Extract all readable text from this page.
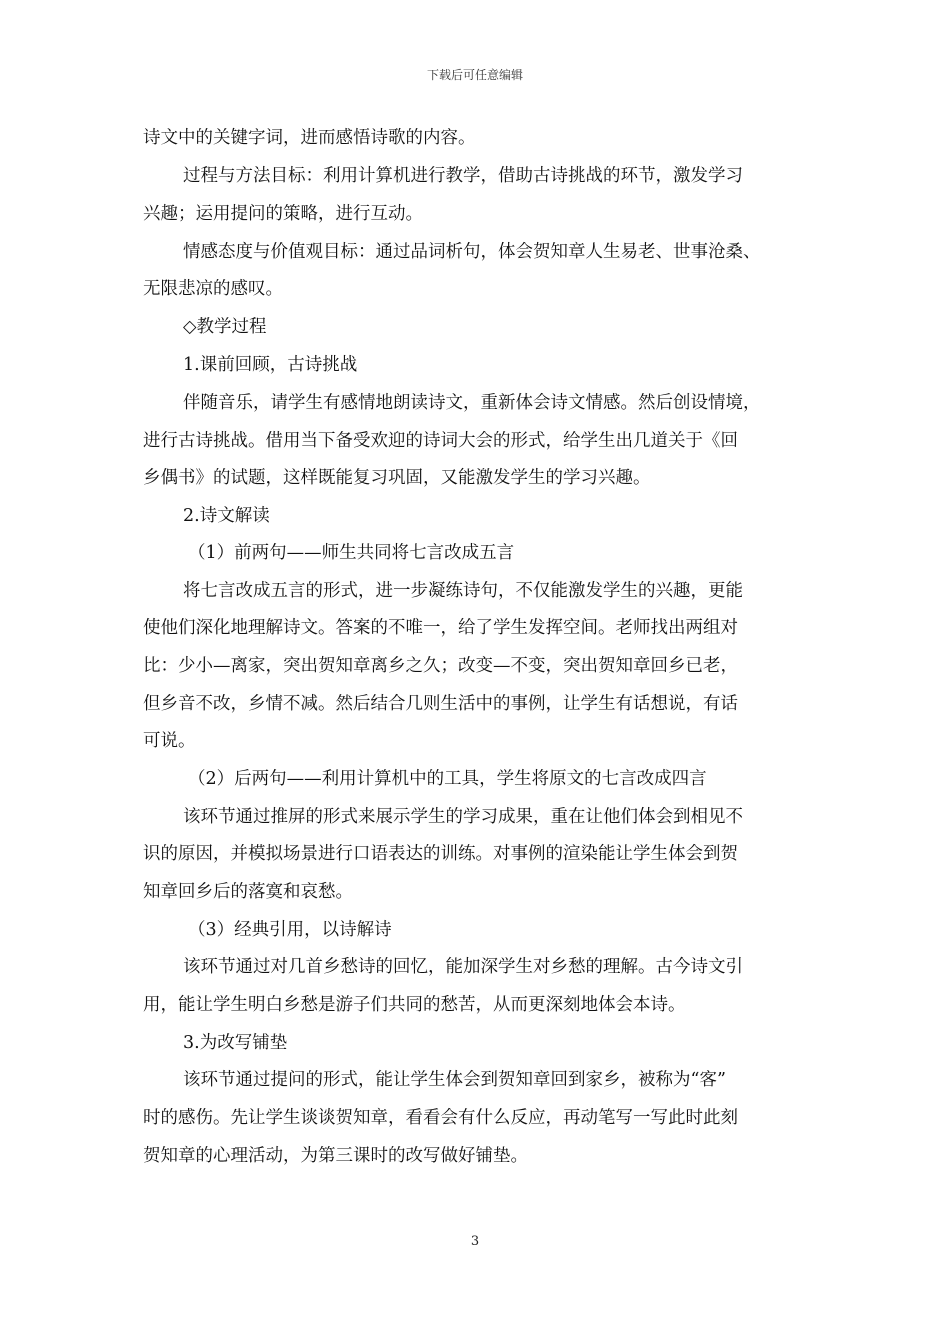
下载后可任意编辑
诗文中的关键字词，进而感悟诗歌的内容。
过程与方法目标：利用计算机进行教学，借助古诗挑战的环节，激发学习
兴趣；运用提问的策略，进行互动。
情感态度与价值观目标：通过品词析句，体会贺知章人生易老、世事沧桑、
无限悲凉的感叹。
◇教学过程
1.课前回顾，古诗挑战
伴随音乐，请学生有感情地朗读诗文，重新体会诗文情感。然后创设情境，
进行古诗挑战。借用当下备受欢迎的诗词大会的形式，给学生出几道关于《回
乡偶书》的试题，这样既能复习巩固，又能激发学生的学习兴趣。
2.诗文解读
（1）前两句——师生共同将七言改成五言
将七言改成五言的形式，进一步凝练诗句，不仅能激发学生的兴趣，更能
使他们深化地理解诗文。答案的不唯一，给了学生发挥空间。老师找出两组对
比：少小—离家，突出贺知章离乡之久；改变—不变，突出贺知章回乡已老，
但乡音不改，乡情不减。然后结合几则生活中的事例，让学生有话想说，有话
可说。
（2）后两句——利用计算机中的工具，学生将原文的七言改成四言
该环节通过推屏的形式来展示学生的学习成果，重在让他们体会到相见不
识的原因，并模拟场景进行口语表达的训练。对事例的渲染能让学生体会到贺
知章回乡后的落寞和哀愁。
（3）经典引用，以诗解诗
该环节通过对几首乡愁诗的回忆，能加深学生对乡愁的理解。古今诗文引
用，能让学生明白乡愁是游子们共同的愁苦，从而更深刻地体会本诗。
3.为改写铺垫
该环节通过提问的形式，能让学生体会到贺知章回到家乡，被称为“客”
时的感伤。先让学生谈谈贺知章，看看会有什么反应，再动笔写一写此时此刻
贺知章的心理活动，为第三课时的改写做好铺垫。
3
